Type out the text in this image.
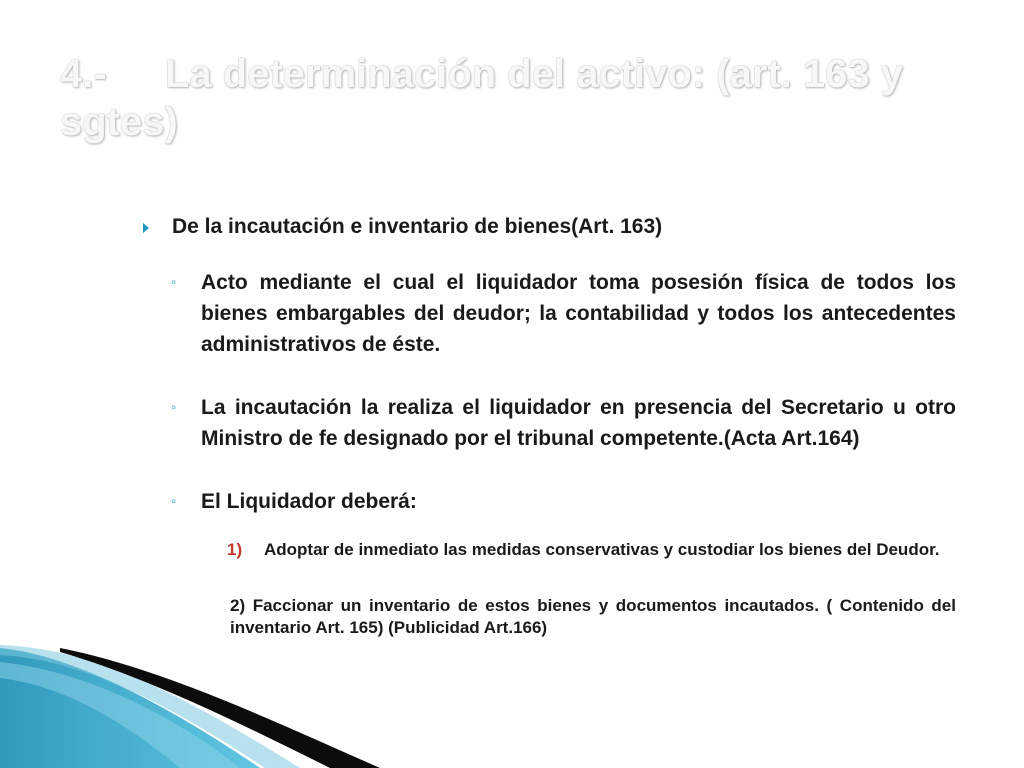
4.- La determinación del activo: (art. 163 y sgtes)
De la incautación e inventario de bienes(Art. 163)
◦ Acto mediante el cual el liquidador toma posesión física de todos los bienes embargables del deudor; la contabilidad y todos los antecedentes administrativos de éste.
◦ La incautación la realiza el liquidador en presencia del Secretario u otro Ministro de fe designado por el tribunal competente.(Acta Art.164)
◦ El Liquidador deberá:
1) Adoptar de inmediato las medidas conservativas y custodiar los bienes del Deudor.
2) Faccionar un inventario de estos bienes y documentos incautados. ( Contenido del inventario Art. 165) (Publicidad Art.166)
